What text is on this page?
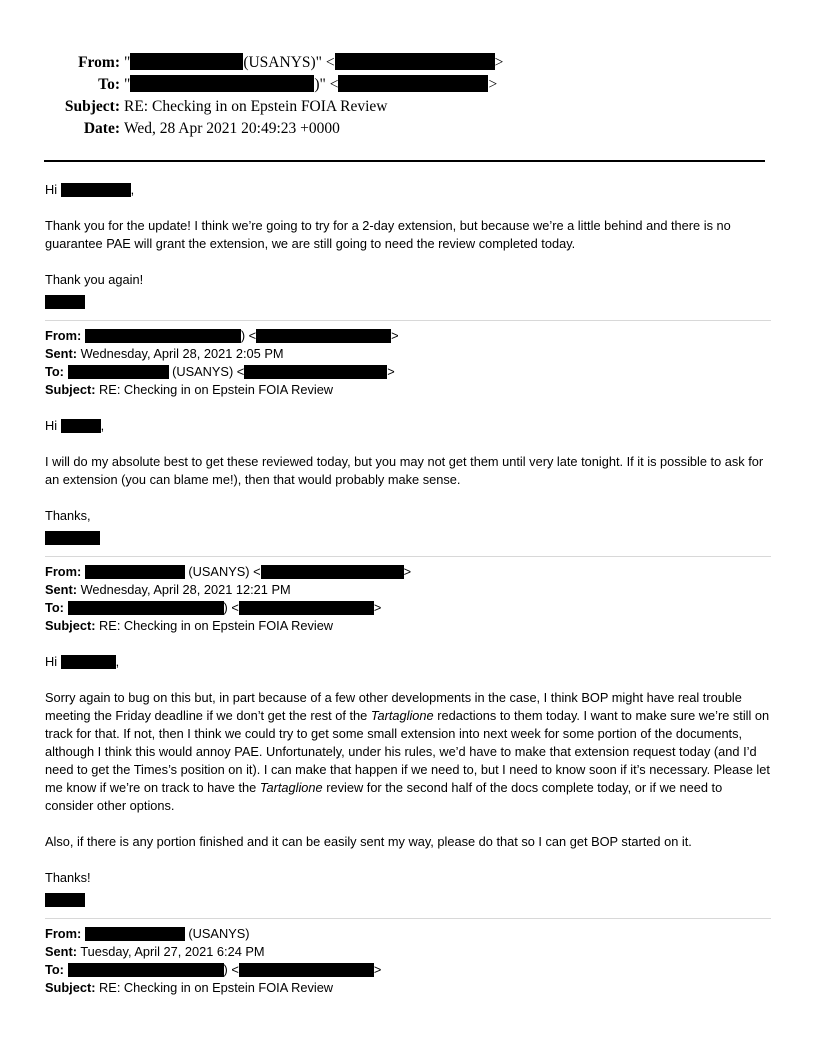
From: "	(USANYS)" <	>
To: "	)" <	>
Subject: RE: Checking in on Epstein FOIA Review
Date: Wed, 28 Apr 2021 20:49:23 +0000

Hi	,

Thank you for the update! I think we’re going to try for a 2-day extension, but because we’re a little behind and there is no guarantee PAE will grant the extension, we are still going to need the review completed today.

Thank you again!

From:	) <	>

Sent: Wednesday, April 28, 2021 2:05 PM

To:	(USANYS) <	>

Subject: RE: Checking in on Epstein FOIA Review

Hi	,

I will do my absolute best to get these reviewed today, but you may not get them until very late tonight. If it is possible to ask for an extension (you can blame me!), then that would probably make sense.

Thanks,

From:	(USANYS) <	>

Sent: Wednesday, April 28, 2021 12:21 PM

To:	) <	>

Subject: RE: Checking in on Epstein FOIA Review

Hi	,

Sorry again to bug on this but, in part because of a few other developments in the case, I think BOP might have real trouble meeting the Friday deadline if we don’t get the rest of the Tartaglione redactions to them today. I want to make sure we’re still on track for that. If not, then I think we could try to get some small extension into next week for some portion of the documents, although I think this would annoy PAE. Unfortunately, under his rules, we’d have to make that extension request today (and I’d need to get the Times’s position on it). I can make that happen if we need to, but I need to know soon if it’s necessary. Please let me know if we’re on track to have the Tartaglione review for the second half of the docs complete today, or if we need to consider other options.

Also, if there is any portion finished and it can be easily sent my way, please do that so I can get BOP started on it.

Thanks!

From:	(USANYS)

Sent: Tuesday, April 27, 2021 6:24 PM

To:	) <	>

Subject: RE: Checking in on Epstein FOIA Review
